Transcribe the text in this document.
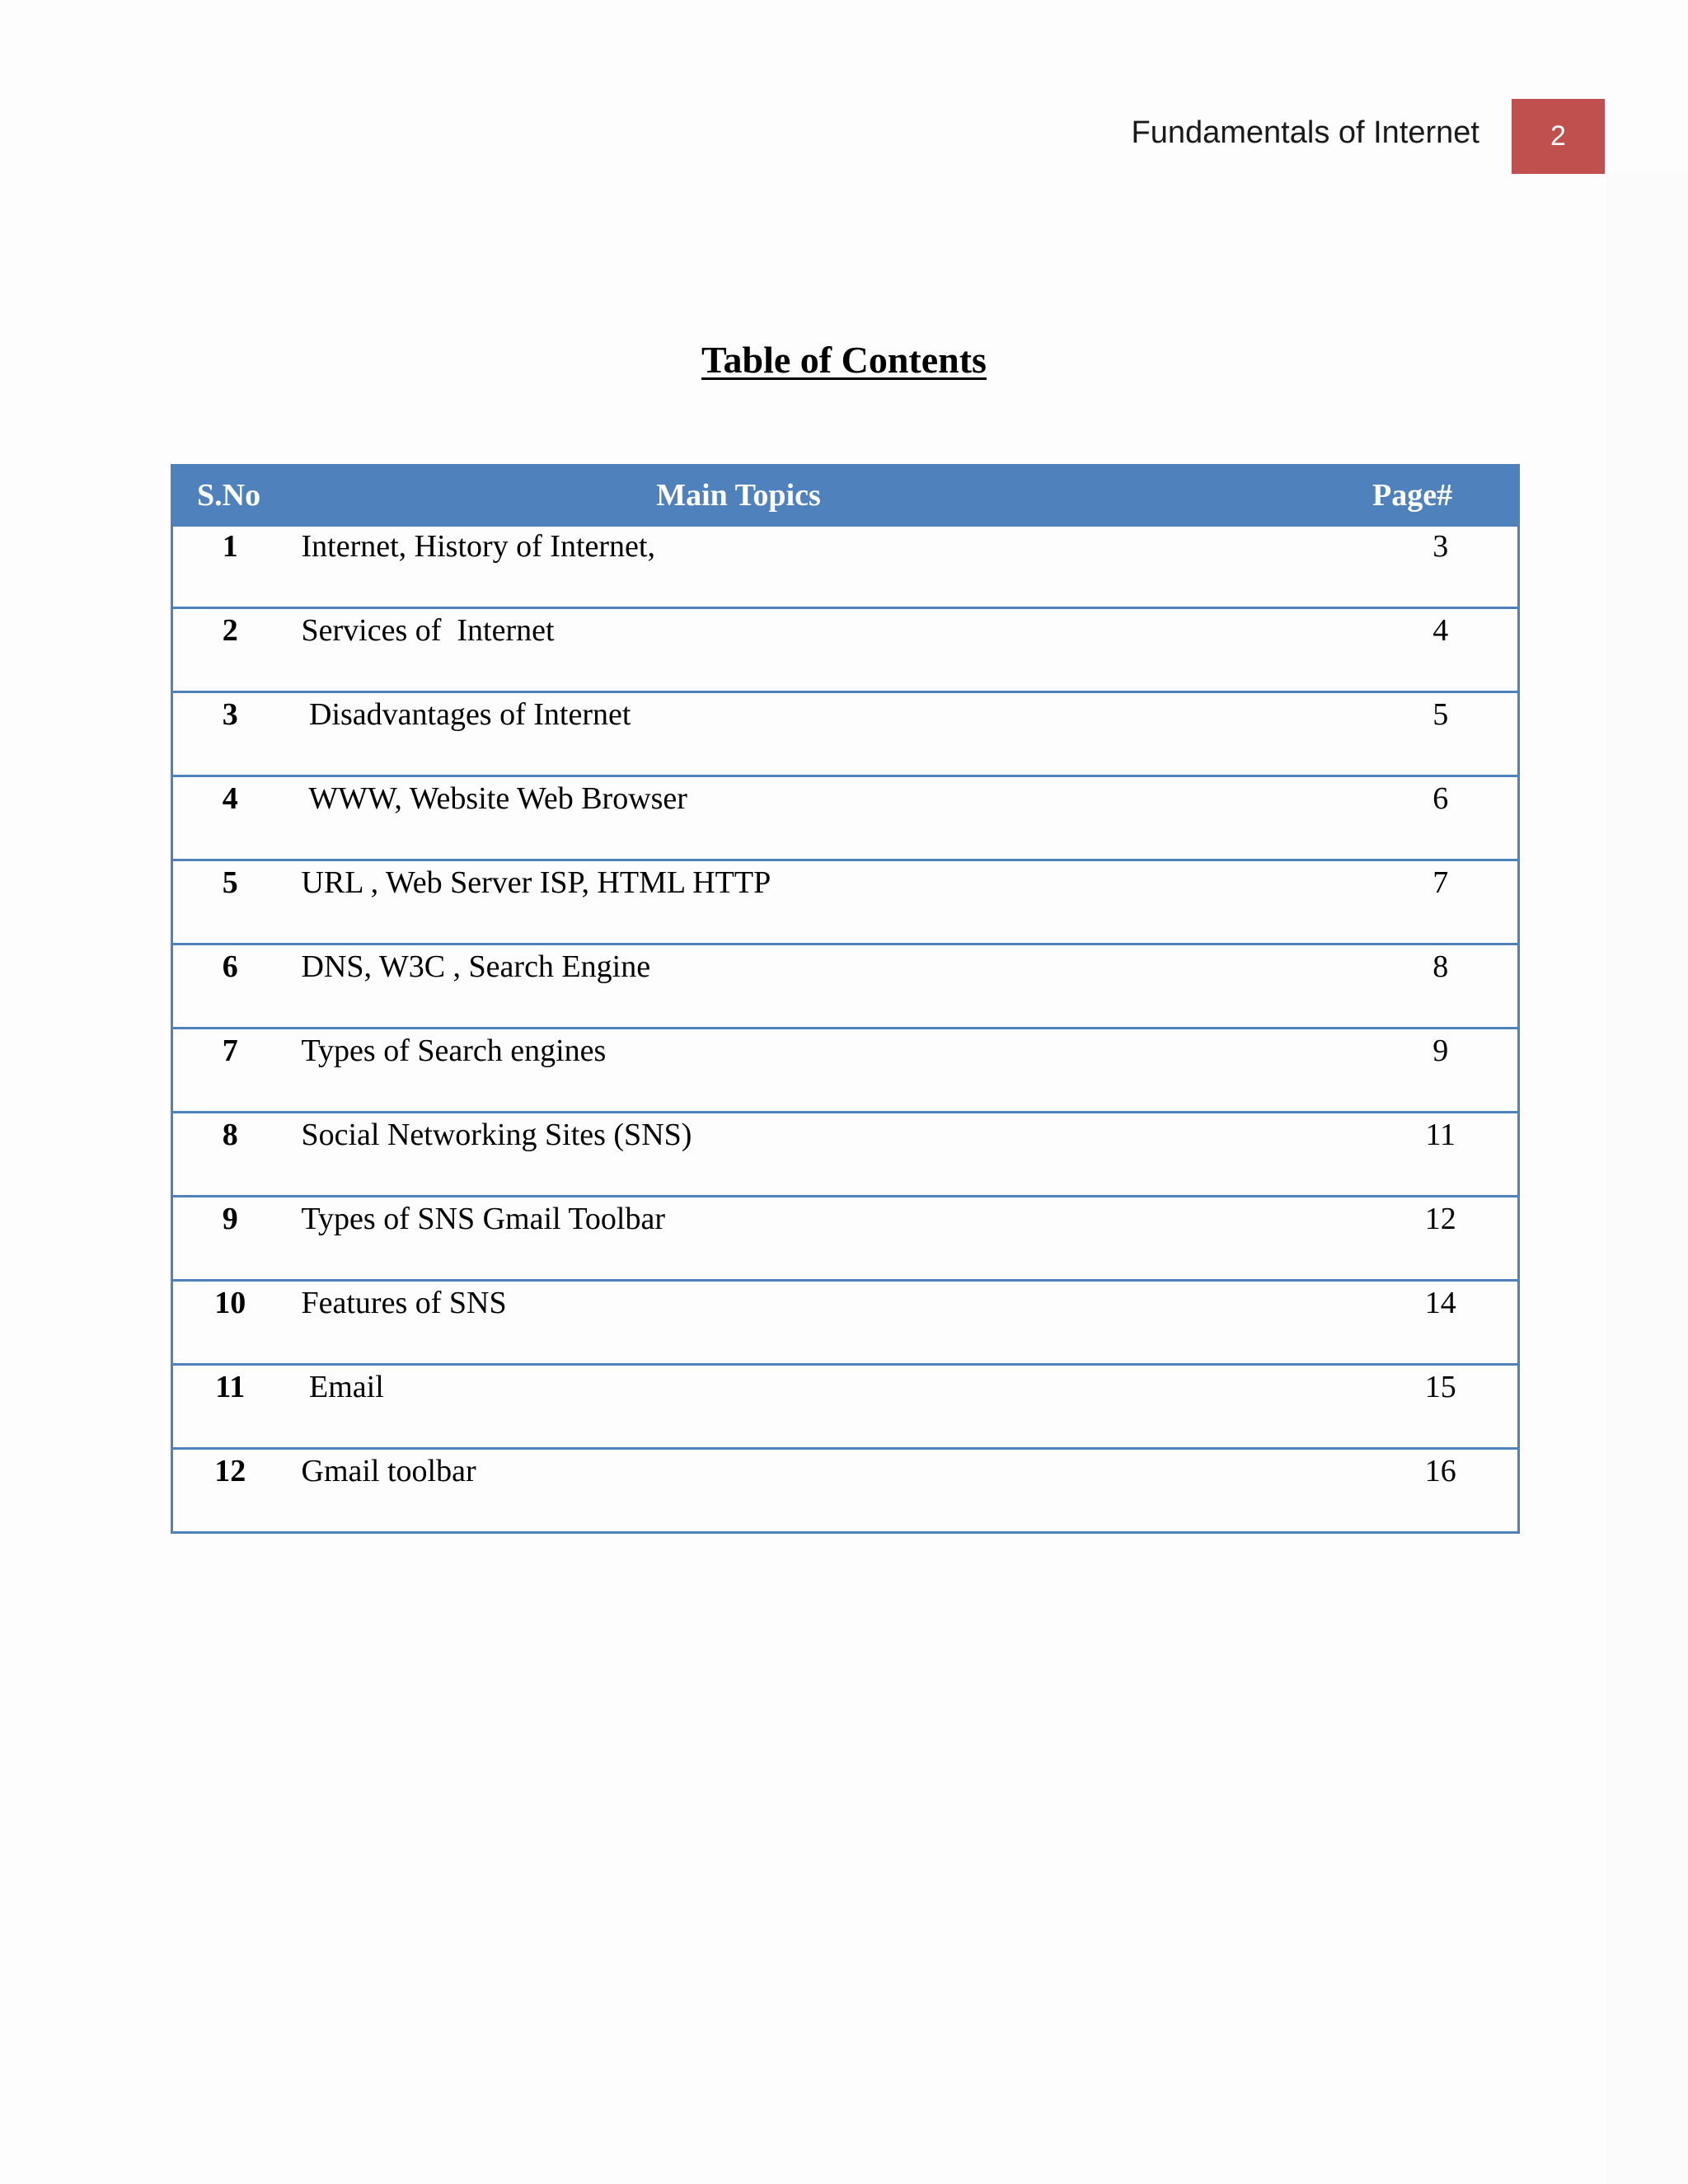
Fundamentals of Internet	2
Table of Contents
S.No	Main Topics	Page#
1	Internet, History of Internet,	3
2	Services of  Internet	4
3	Disadvantages of Internet	5
4	WWW, Website Web Browser	6
5	URL , Web Server ISP, HTML HTTP	7
6	DNS, W3C , Search Engine	8
7	Types of Search engines	9
8	Social Networking Sites (SNS)	11
9	Types of SNS Gmail Toolbar	12
10	Features of SNS	14
11	Email	15
12	Gmail toolbar	16
